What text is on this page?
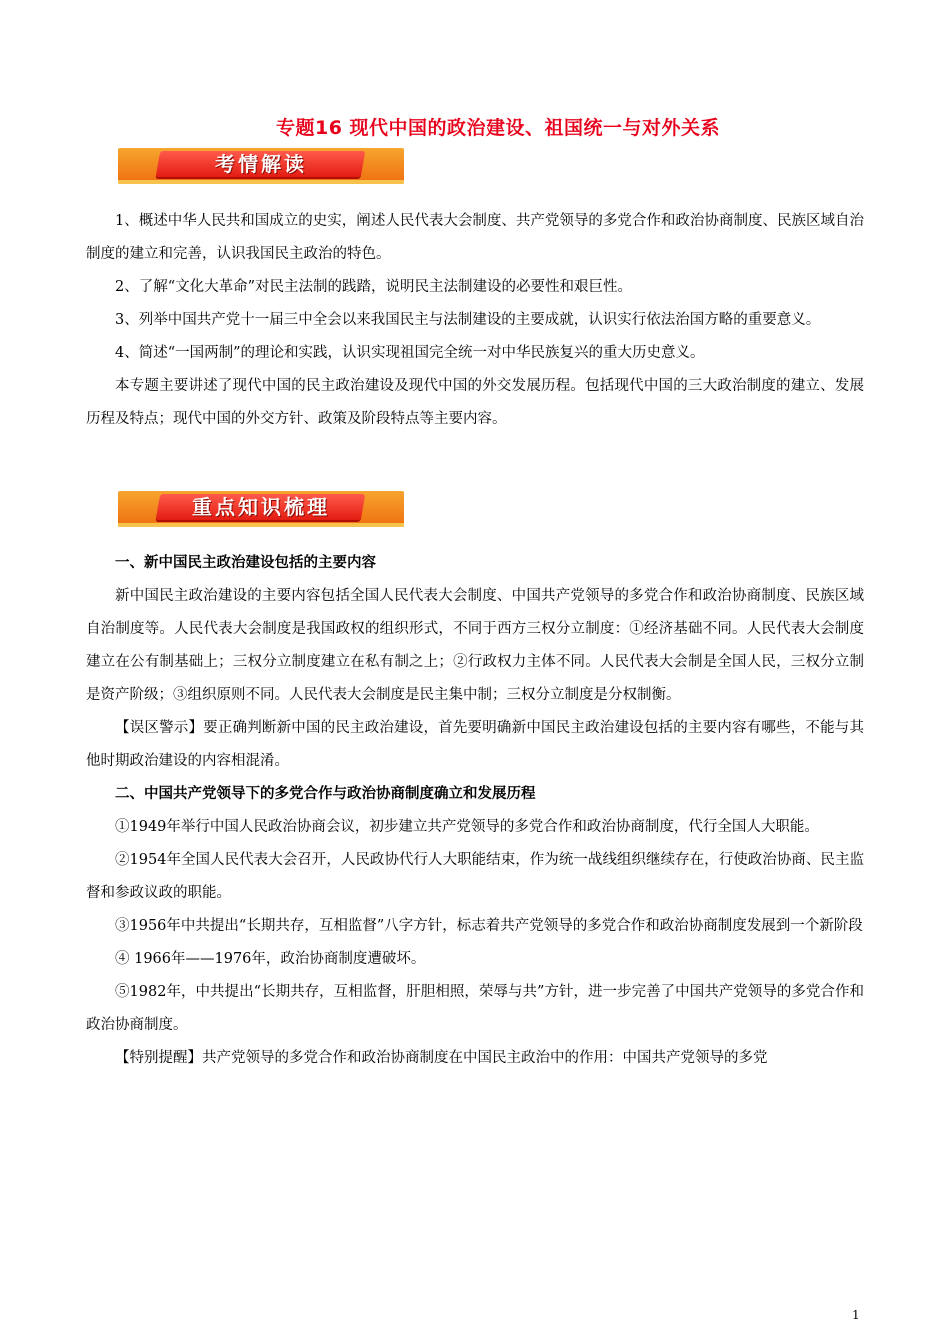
专题16 现代中国的政治建设、祖国统一与对外关系
考情解读

1、概述中华人民共和国成立的史实，阐述人民代表大会制度、共产党领导的多党合作和政治协商制度、民族区域自治制度的建立和完善，认识我国民主政治的特色。

2、了解“文化大革命”对民主法制的践踏，说明民主法制建设的必要性和艰巨性。

3、列举中国共产党十一届三中全会以来我国民主与法制建设的主要成就，认识实行依法治国方略的重要意义。

4、简述“一国两制”的理论和实践，认识实现祖国完全统一对中华民族复兴的重大历史意义。

本专题主要讲述了现代中国的民主政治建设及现代中国的外交发展历程。包括现代中国的三大政治制度的建立、发展历程及特点；现代中国的外交方针、政策及阶段特点等主要内容。

重点知识梳理

一、新中国民主政治建设包括的主要内容

新中国民主政治建设的主要内容包括全国人民代表大会制度、中国共产党领导的多党合作和政治协商制度、民族区域自治制度等。人民代表大会制度是我国政权的组织形式，不同于西方三权分立制度：①经济基础不同。人民代表大会制度建立在公有制基础上；三权分立制度建立在私有制之上；②行政权力主体不同。人民代表大会制是全国人民，三权分立制是资产阶级；③组织原则不同。人民代表大会制度是民主集中制；三权分立制度是分权制衡。

【误区警示】要正确判断新中国的民主政治建设，首先要明确新中国民主政治建设包括的主要内容有哪些，不能与其他时期政治建设的内容相混淆。

二、中国共产党领导下的多党合作与政治协商制度确立和发展历程

①1949年举行中国人民政治协商会议，初步建立共产党领导的多党合作和政治协商制度，代行全国人大职能。

②1954年全国人民代表大会召开，人民政协代行人大职能结束，作为统一战线组织继续存在，行使政治协商、民主监督和参政议政的职能。

③1956年中共提出“长期共存，互相监督”八字方针，标志着共产党领导的多党合作和政治协商制度发展到一个新阶段

④ 1966年——1976年，政治协商制度遭破坏。

⑤1982年，中共提出“长期共存，互相监督，肝胆相照，荣辱与共”方针，进一步完善了中国共产党领导的多党合作和政治协商制度。

【特别提醒】共产党领导的多党合作和政治协商制度在中国民主政治中的作用：中国共产党领导的多党

1
